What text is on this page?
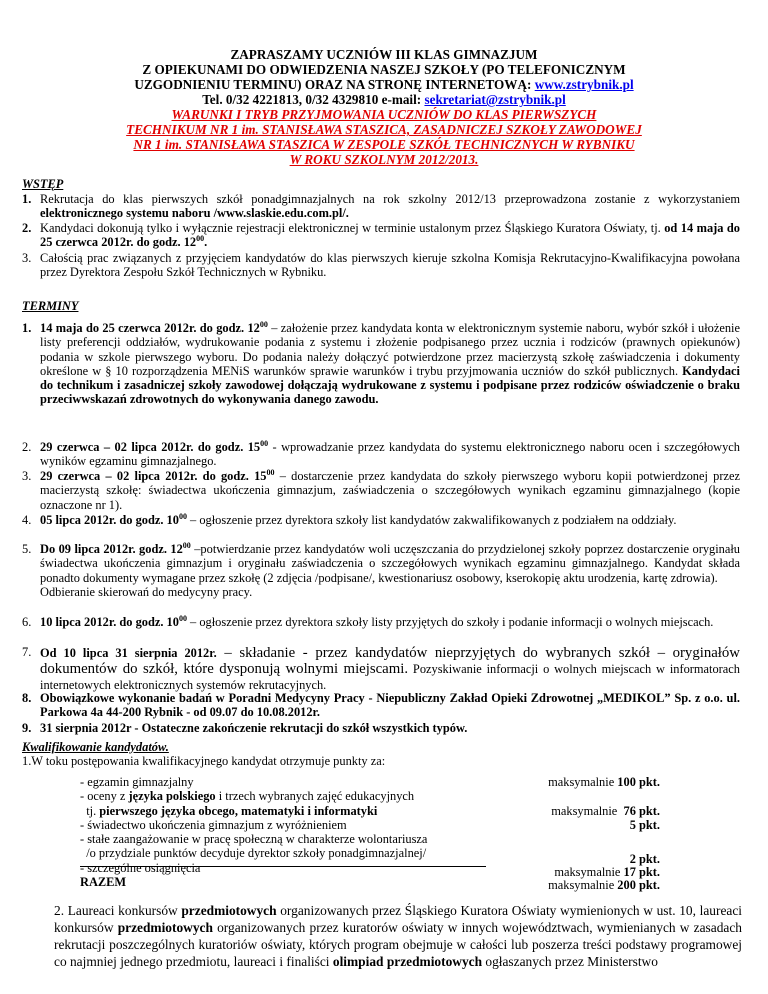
ZAPRASZAMY UCZNIÓW III KLAS GIMNAZJUM
Z OPIEKUNAMI DO ODWIEDZENIA NASZEJ SZKOŁY (PO TELEFONICZNYM
UZGODNIENIU TERMINU) ORAZ NA STRONĘ INTERNETOWĄ: www.zstrybnik.pl
Tel. 0/32 4221813, 0/32 4329810 e-mail: sekretariat@zstrybnik.pl
WARUNKI I TRYB PRZYJMOWANIA UCZNIÓW DO KLAS PIERWSZYCH
TECHNIKUM NR 1 im. STANISŁAWA STASZICA, ZASADNICZEJ SZKOŁY ZAWODOWEJ
NR 1 im. STANISŁAWA STASZICA W ZESPOLE SZKÓŁ TECHNICZNYCH W RYBNIKU
W ROKU SZKOLNYM 2012/2013.
WSTĘP
1. Rekrutacja do klas pierwszych szkół ponadgimnazjalnych na rok szkolny 2012/13 przeprowadzona zostanie z wykorzystaniem elektronicznego systemu naboru /www.slaskie.edu.com.pl/.
2. Kandydaci dokonują tylko i wyłącznie rejestracji elektronicznej w terminie ustalonym przez Śląskiego Kuratora Oświaty, tj. od 14 maja do 25 czerwca 2012r. do godz. $12^{00}$.
3. Całością prac związanych z przyjęciem kandydatów do klas pierwszych kieruje szkolna Komisja Rekrutacyjno-Kwalifikacyjna powołana przez Dyrektora Zespołu Szkół Technicznych w Rybniku.
TERMINY
1. 14 maja do 25 czerwca 2012r. do godz. $12^{00}$ – założenie przez kandydata konta w elektronicznym systemie naboru, wybór szkół i ułożenie listy preferencji oddziałów, wydrukowanie podania z systemu i złożenie podpisanego przez ucznia i rodziców (prawnych opiekunów) podania w szkole pierwszego wyboru. Do podania należy dołączyć potwierdzone przez macierzystą szkołę zaświadczenia i dokumenty określone w § 10 rozporządzenia MENiS warunków sprawie warunków i trybu przyjmowania uczniów do szkół publicznych. Kandydaci do technikum i zasadniczej szkoły zawodowej dołączają wydrukowane z systemu i podpisane przez rodziców oświadczenie o braku przeciwwskazań zdrowotnych do wykonywania danego zawodu.
2. 29 czerwca – 02 lipca 2012r. do godz. $15^{00}$ - wprowadzanie przez kandydata do systemu elektronicznego naboru ocen i szczegółowych wyników egzaminu gimnazjalnego.
3. 29 czerwca – 02 lipca 2012r. do godz. $15^{00}$ – dostarczenie przez kandydata do szkoły pierwszego wyboru kopii potwierdzonej przez macierzystą szkołę: świadectwa ukończenia gimnazjum, zaświadczenia o szczegółowych wynikach egzaminu gimnazjalnego (kopie oznaczone nr 1).
4. 05 lipca 2012r. do godz. $10^{00}$ – ogłoszenie przez dyrektora szkoły list kandydatów zakwalifikowanych z podziałem na oddziały.
5. Do 09 lipca 2012r. godz. $12^{00}$ –potwierdzanie przez kandydatów woli uczęszczania do przydzielonej szkoły poprzez dostarczenie oryginału świadectwa ukończenia gimnazjum i oryginału zaświadczenia o szczegółowych wynikach egzaminu gimnazjalnego. Kandydat składa ponadto dokumenty wymagane przez szkołę (2 zdjęcia /podpisane/, kwestionariusz osobowy, kserokopię aktu urodzenia, kartę zdrowia).
Odbieranie skierowań do medycyny pracy.
6. 10 lipca 2012r. do godz. $10^{00}$ – ogłoszenie przez dyrektora szkoły listy przyjętych do szkoły i podanie informacji o wolnych miejscach.
7. Od 10 lipca 31 sierpnia 2012r. – składanie - przez kandydatów nieprzyjętych do wybranych szkół – oryginałów dokumentów do szkół, które dysponują wolnymi miejscami. Pozyskiwanie informacji o wolnych miejscach w informatorach internetowych elektronicznych systemów rekrutacyjnych.
8. Obowiązkowe wykonanie badań w Poradni Medycyny Pracy - Niepubliczny Zakład Opieki Zdrowotnej „MEDIKOL” Sp. z o.o. ul. Parkowa 4a 44-200 Rybnik - od 09.07 do 10.08.2012r.
9. 31 sierpnia 2012r - Ostateczne zakończenie rekrutacji do szkół wszystkich typów.
Kwalifikowanie kandydatów.
1.W toku postępowania kwalifikacyjnego kandydat otrzymuje punkty za:
- egzamin gimnazjalny	maksymalnie 100 pkt.
- oceny z języka polskiego i trzech wybranych zajęć edukacyjnych
tj. pierwszego języka obcego, matematyki i informatyki	maksymalnie  76 pkt.
- świadectwo ukończenia gimnazjum z wyróżnieniem	5 pkt.
- stałe zaangażowanie w pracę społeczną w charakterze wolontariusza
/o przydziale punktów decyduje dyrektor szkoły ponadgimnazjalnej/	2 pkt.
- szczególne osiągnięcia	maksymalnie 17 pkt.
RAZEM	maksymalnie 200 pkt.
2. Laureaci konkursów przedmiotowych organizowanych przez Śląskiego Kuratora Oświaty wymienionych w ust. 10, laureaci konkursów przedmiotowych organizowanych przez kuratorów oświaty w innych województwach, wymienianych w zasadach rekrutacji poszczególnych kuratoriów oświaty, których program obejmuje w całości lub poszerza treści podstawy programowej co najmniej jednego przedmiotu, laureaci i finaliści olimpiad przedmiotowych ogłaszanych przez Ministerstwo
